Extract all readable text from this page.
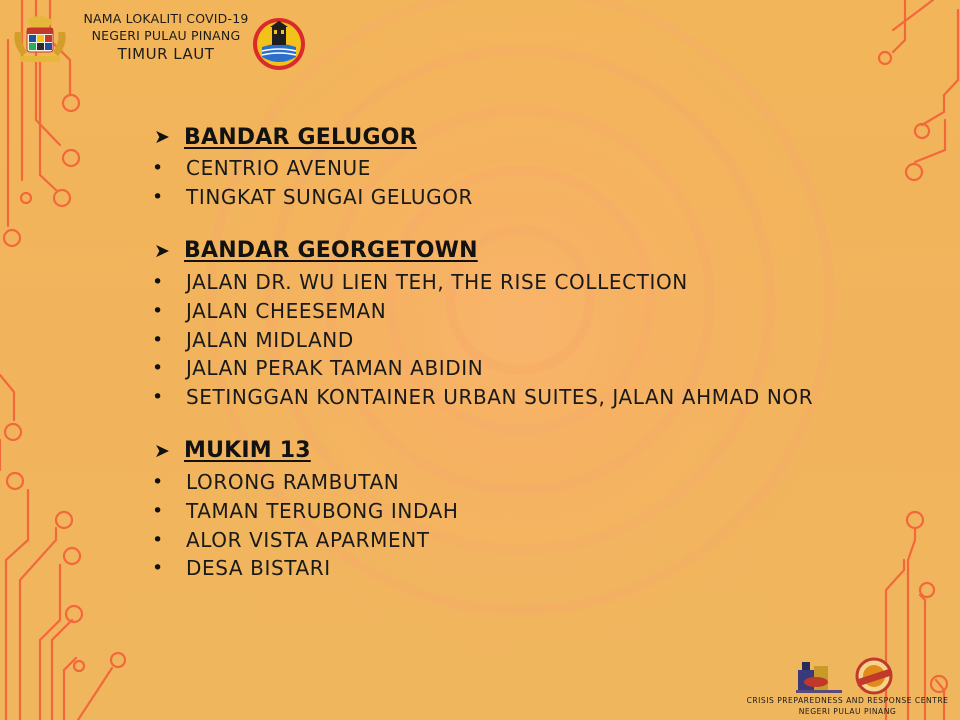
NAMA LOKALITI COVID-19
NEGERI PULAU PINANG
TIMUR LAUT
➤ BANDAR GELUGOR
•	CENTRIO AVENUE
•	TINGKAT SUNGAI GELUGOR
➤ BANDAR GEORGETOWN
•	JALAN DR. WU LIEN TEH, THE RISE COLLECTION
•	JALAN CHEESEMAN
•	JALAN MIDLAND
•	JALAN PERAK TAMAN ABIDIN
•	SETINGGAN KONTAINER URBAN SUITES, JALAN AHMAD NOR
➤ MUKIM 13
•	LORONG RAMBUTAN
•	TAMAN TERUBONG INDAH
•	ALOR VISTA APARMENT
•	DESA BISTARI
CRISIS PREPAREDNESS AND RESPONSE CENTRE
NEGERI PULAU PINANG
